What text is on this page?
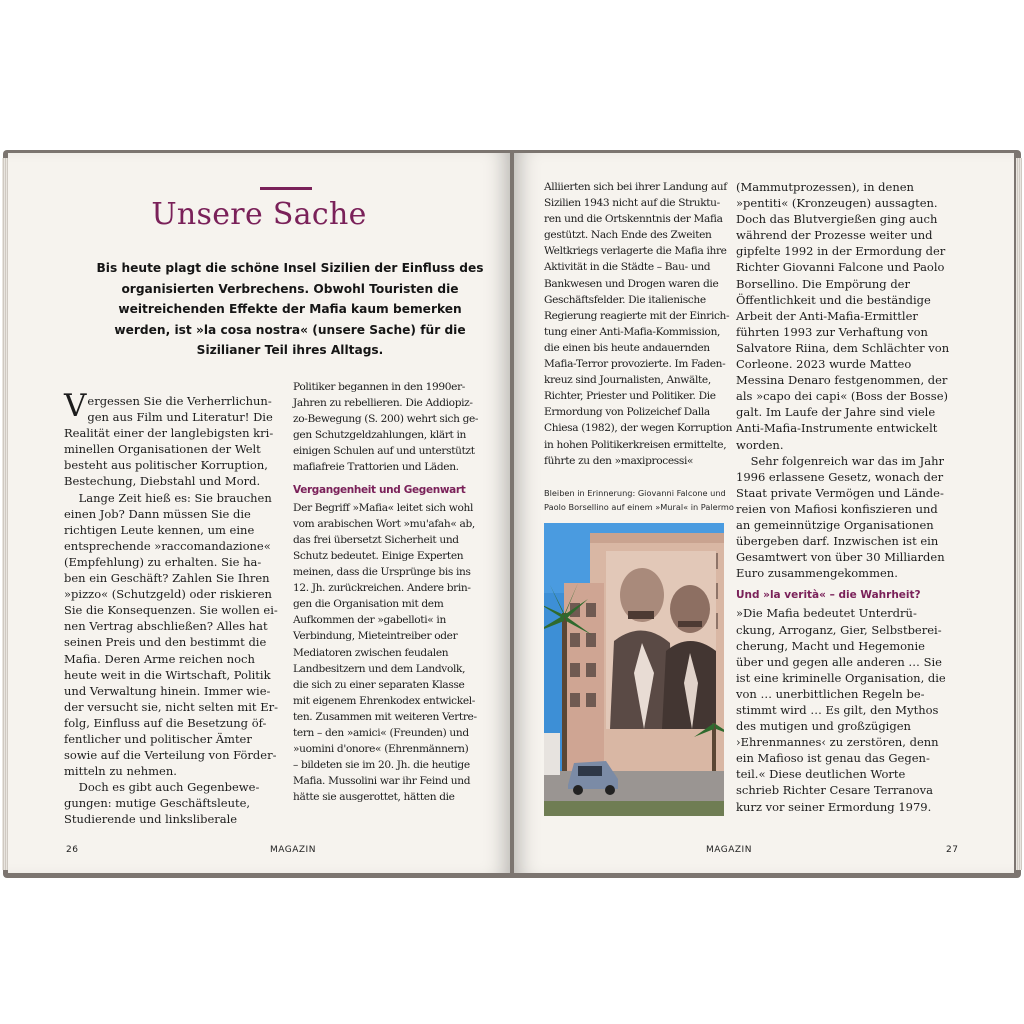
Unsere Sache

Bis heute plagt die schöne Insel Sizilien der Einfluss des organisierten Verbrechens. Obwohl Touristen die weitreichenden Effekte der Mafia kaum bemerken werden, ist »la cosa nostra« (unsere Sache) für die Sizilianer Teil ihres Alltags.

Vergessen Sie die Verherrlichun-
gen aus Film und Literatur! Die
Realität einer der langlebigsten kri-
minellen Organisationen der Welt
besteht aus politischer Korruption,
Bestechung, Diebstahl und Mord.
Lange Zeit hieß es: Sie brauchen
einen Job? Dann müssen Sie die
richtigen Leute kennen, um eine
entsprechende »raccomandazione«
(Empfehlung) zu erhalten. Sie ha-
ben ein Geschäft? Zahlen Sie Ihren
»pizzo« (Schutzgeld) oder riskieren
Sie die Konsequenzen. Sie wollen ei-
nen Vertrag abschließen? Alles hat
seinen Preis und den bestimmt die
Mafia. Deren Arme reichen noch
heute weit in die Wirtschaft, Politik
und Verwaltung hinein. Immer wie-
der versucht sie, nicht selten mit Er-
folg, Einfluss auf die Besetzung öf-
fentlicher und politischer Ämter
sowie auf die Verteilung von Förder-
mitteln zu nehmen.
Doch es gibt auch Gegenbewe-
gungen: mutige Geschäftsleute,
Studierende und linksliberale
Politiker begannen in den 1990er-
Jahren zu rebellieren. Die Addiopiz-
zo-Bewegung (S. 200) wehrt sich ge-
gen Schutzgeldzahlungen, klärt in
einigen Schulen auf und unterstützt
mafiafreie Trattorien und Läden.
Vergangenheit und Gegenwart
Der Begriff »Mafia« leitet sich wohl
vom arabischen Wort »mu'afah« ab,
das frei übersetzt Sicherheit und
Schutz bedeutet. Einige Experten
meinen, dass die Ursprünge bis ins
12. Jh. zurückreichen. Andere brin-
gen die Organisation mit dem
Aufkommen der »gabelloti« in
Verbindung, Mieteintreiber oder
Mediatoren zwischen feudalen
Landbesitzern und dem Landvolk,
die sich zu einer separaten Klasse
mit eigenem Ehrenkodex entwickel-
ten. Zusammen mit weiteren Vertre-
tern – den »amici« (Freunden) und
»uomini d'onore« (Ehrenmännern)
– bildeten sie im 20. Jh. die heutige
Mafia. Mussolini war ihr Feind und
hätte sie ausgerottet, hätten die
26	MAGAZIN
Alliierten sich bei ihrer Landung auf
Sizilien 1943 nicht auf die Struktu-
ren und die Ortskenntnis der Mafia
gestützt. Nach Ende des Zweiten
Weltkriegs verlagerte die Mafia ihre
Aktivität in die Städte – Bau- und
Bankwesen und Drogen waren die
Geschäftsfelder. Die italienische
Regierung reagierte mit der Einrich-
tung einer Anti-Mafia-Kommission,
die einen bis heute andauernden
Mafia-Terror provozierte. Im Faden-
kreuz sind Journalisten, Anwälte,
Richter, Priester und Politiker. Die
Ermordung von Polizeichef Dalla
Chiesa (1982), der wegen Korruption
in hohen Politikerkreisen ermittelte,
führte zu den »maxiprocessi«
Bleiben in Erinnerung: Giovanni Falcone und
Paolo Borsellino auf einem »Mural« in Palermo
(Mammutprozessen), in denen
»pentiti« (Kronzeugen) aussagten.
Doch das Blutvergießen ging auch
während der Prozesse weiter und
gipfelte 1992 in der Ermordung der
Richter Giovanni Falcone und Paolo
Borsellino. Die Empörung der
Öffentlichkeit und die beständige
Arbeit der Anti-Mafia-Ermittler
führten 1993 zur Verhaftung von
Salvatore Riina, dem Schlächter von
Corleone. 2023 wurde Matteo
Messina Denaro festgenommen, der
als »capo dei capi« (Boss der Bosse)
galt. Im Laufe der Jahre sind viele
Anti-Mafia-Instrumente entwickelt
worden.
Sehr folgenreich war das im Jahr
1996 erlassene Gesetz, wonach der
Staat private Vermögen und Lände-
reien von Mafiosi konfiszieren und
an gemeinnützige Organisationen
übergeben darf. Inzwischen ist ein
Gesamtwert von über 30 Milliarden
Euro zusammengekommen.
Und »la verità« – die Wahrheit?
»Die Mafia bedeutet Unterdrü-
ckung, Arroganz, Gier, Selbstberei-
cherung, Macht und Hegemonie
über und gegen alle anderen … Sie
ist eine kriminelle Organisation, die
von … unerbittlichen Regeln be-
stimmt wird … Es gilt, den Mythos
des mutigen und großzügigen
›Ehrenmannes‹ zu zerstören, denn
ein Mafioso ist genau das Gegen-
teil.« Diese deutlichen Worte
schrieb Richter Cesare Terranova
kurz vor seiner Ermordung 1979.
MAGAZIN	27
